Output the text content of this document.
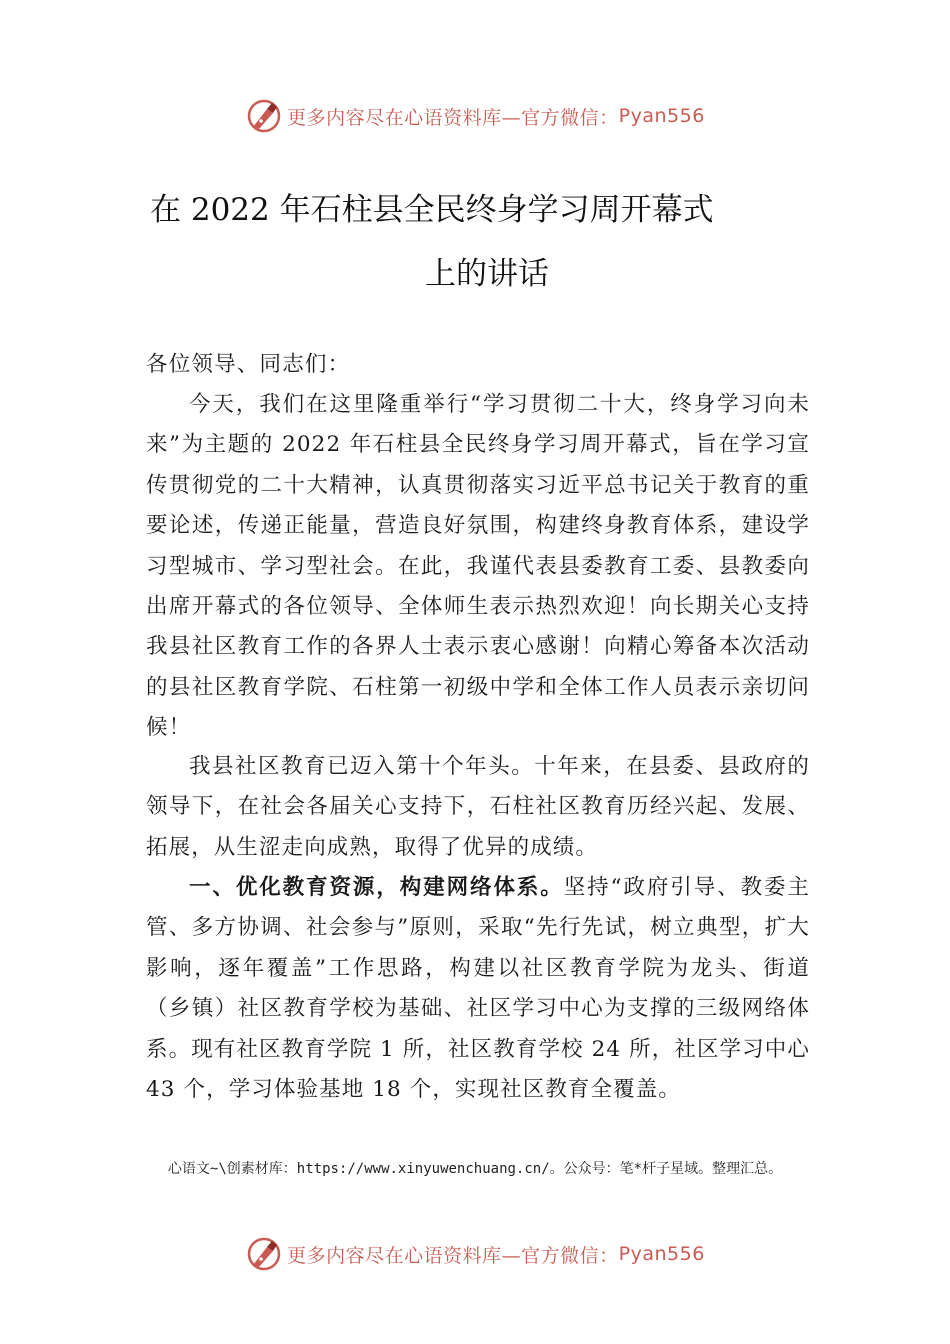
更多内容尽在心语资料库—官方微信： Pyan556
在 2022 年石柱县全民终身学习周开幕式
上的讲话
各位领导、同志们：
今天，我们在这里隆重举行“学习贯彻二十大，终身学习向未来”为主题的 2022 年石柱县全民终身学习周开幕式，旨在学习宣传贯彻党的二十大精神，认真贯彻落实习近平总书记关于教育的重要论述，传递正能量，营造良好氛围，构建终身教育体系，建设学习型城市、学习型社会。在此，我谨代表县委教育工委、县教委向出席开幕式的各位领导、全体师生表示热烈欢迎！向长期关心支持我县社区教育工作的各界人士表示衷心感谢！向精心筹备本次活动的县社区教育学院、石柱第一初级中学和全体工作人员表示亲切问候！
我县社区教育已迈入第十个年头。十年来，在县委、县政府的领导下，在社会各届关心支持下，石柱社区教育历经兴起、发展、拓展，从生涩走向成熟，取得了优异的成绩。
一、优化教育资源，构建网络体系。坚持“政府引导、教委主管、多方协调、社会参与”原则，采取“先行先试，树立典型，扩大影响，逐年覆盖”工作思路，构建以社区教育学院为龙头、街道（乡镇）社区教育学校为基础、社区学习中心为支撑的三级网络体系。现有社区教育学院 1 所，社区教育学校 24 所，社区学习中心 43 个，学习体验基地 18 个，实现社区教育全覆盖。
心语文~\创素材库：https://www.xinyuwenchuang.cn/。公众号：笔*杆子星域。整理汇总。
更多内容尽在心语资料库—官方微信： Pyan556
